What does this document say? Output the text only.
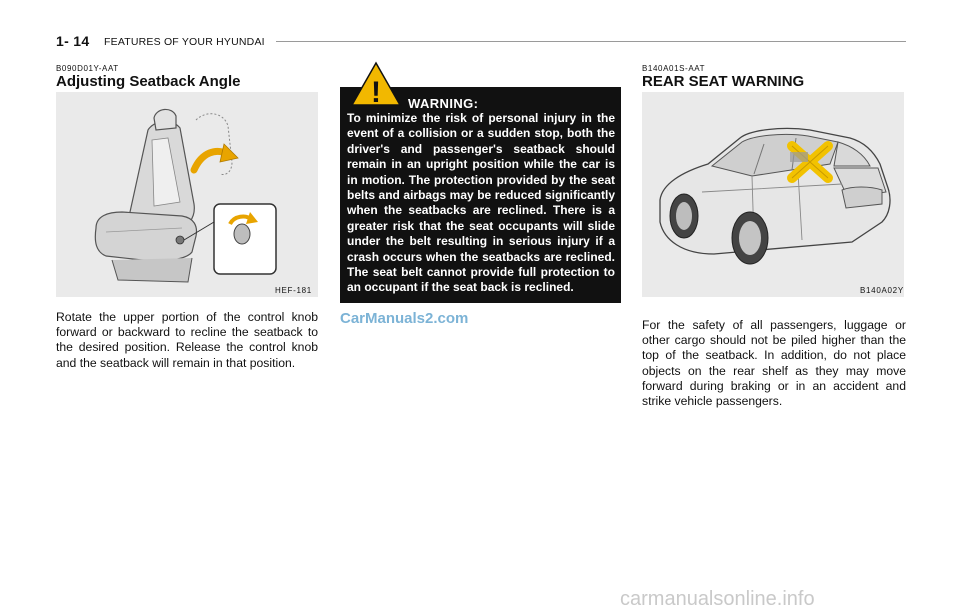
1- 14 FEATURES OF YOUR HYUNDAI
B090D01Y-AAT
Adjusting Seatback Angle
HEF-181
Rotate the upper portion of the control knob forward or backward to recline the seatback to the desired position. Release the control knob and the seatback will remain in that position.
! WARNING:
To minimize the risk of personal injury in the event of a collision or a sudden stop, both the driver's and passenger's seatback should remain in an upright position while the car is in motion. The protection provided by the seat belts and airbags may be reduced significantly when the seatbacks are reclined. There is a greater risk that the seat occupants will slide under the belt resulting in serious injury if a crash occurs when the seatbacks are reclined. The seat belt cannot provide full protection to an occupant if the seat back is reclined.
CarManuals2.com
B140A01S-AAT
REAR SEAT WARNING
B140A02Y
For the safety of all passengers, luggage or other cargo should not be piled higher than the top of the seatback. In addition, do not place objects on the rear shelf as they may move forward during braking or in an accident and strike vehicle passengers.
carmanualsonline.info
